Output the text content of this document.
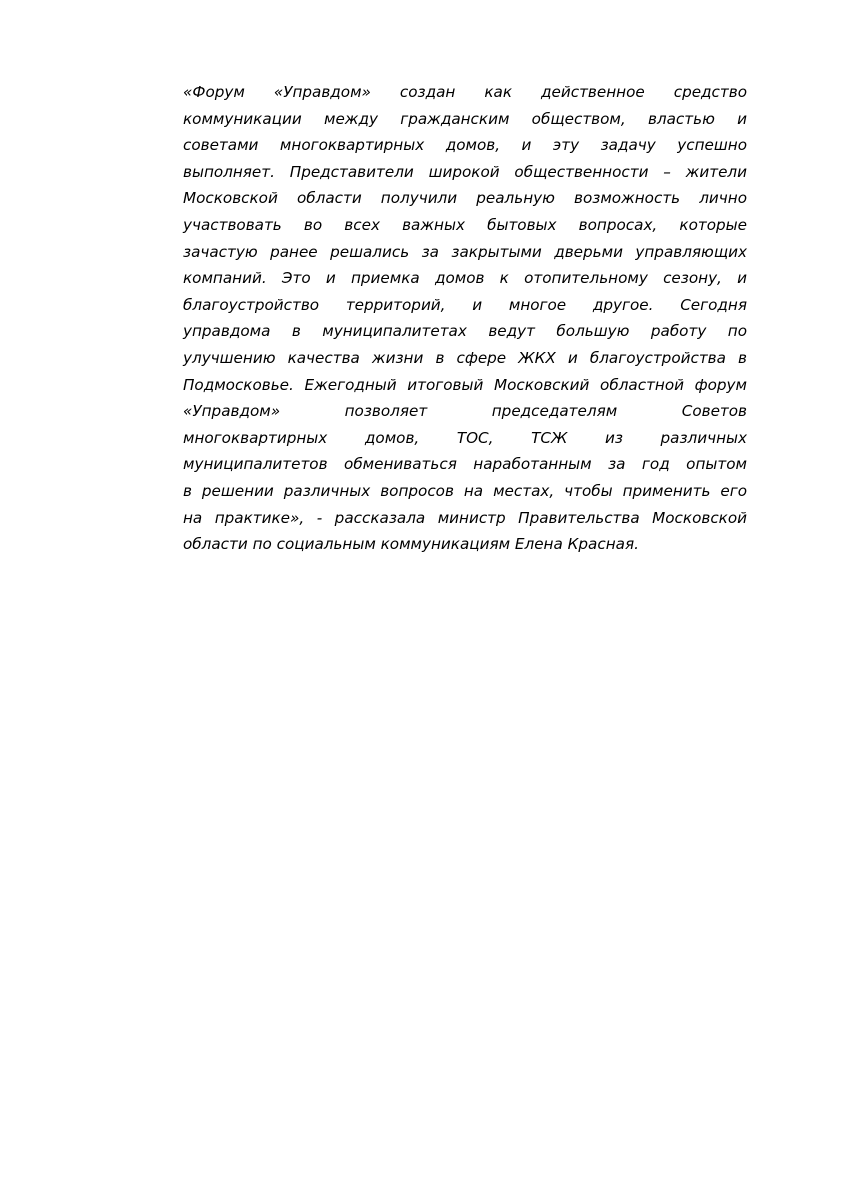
«Форум «Управдом» создан как действенное средство
коммуникации между гражданским обществом, властью и
советами многоквартирных домов, и эту задачу успешно
выполняет. Представители широкой общественности – жители
Московской области получили реальную возможность лично
участвовать во всех важных бытовых вопросах, которые
зачастую ранее решались за закрытыми дверьми управляющих
компаний. Это и приемка домов к отопительному сезону, и
благоустройство территорий, и многое другое. Сегодня
управдома в муниципалитетах ведут большую работу по
улучшению качества жизни в сфере ЖКХ и благоустройства в
Подмосковье. Ежегодный итоговый Московский областной форум
«Управдом» позволяет председателям Советов
многоквартирных домов, ТОС, ТСЖ из различных
муниципалитетов обмениваться наработанным за год опытом
в решении различных вопросов на местах, чтобы применить его
на практике», - рассказала министр Правительства Московской
области по социальным коммуникациям Елена Красная.
